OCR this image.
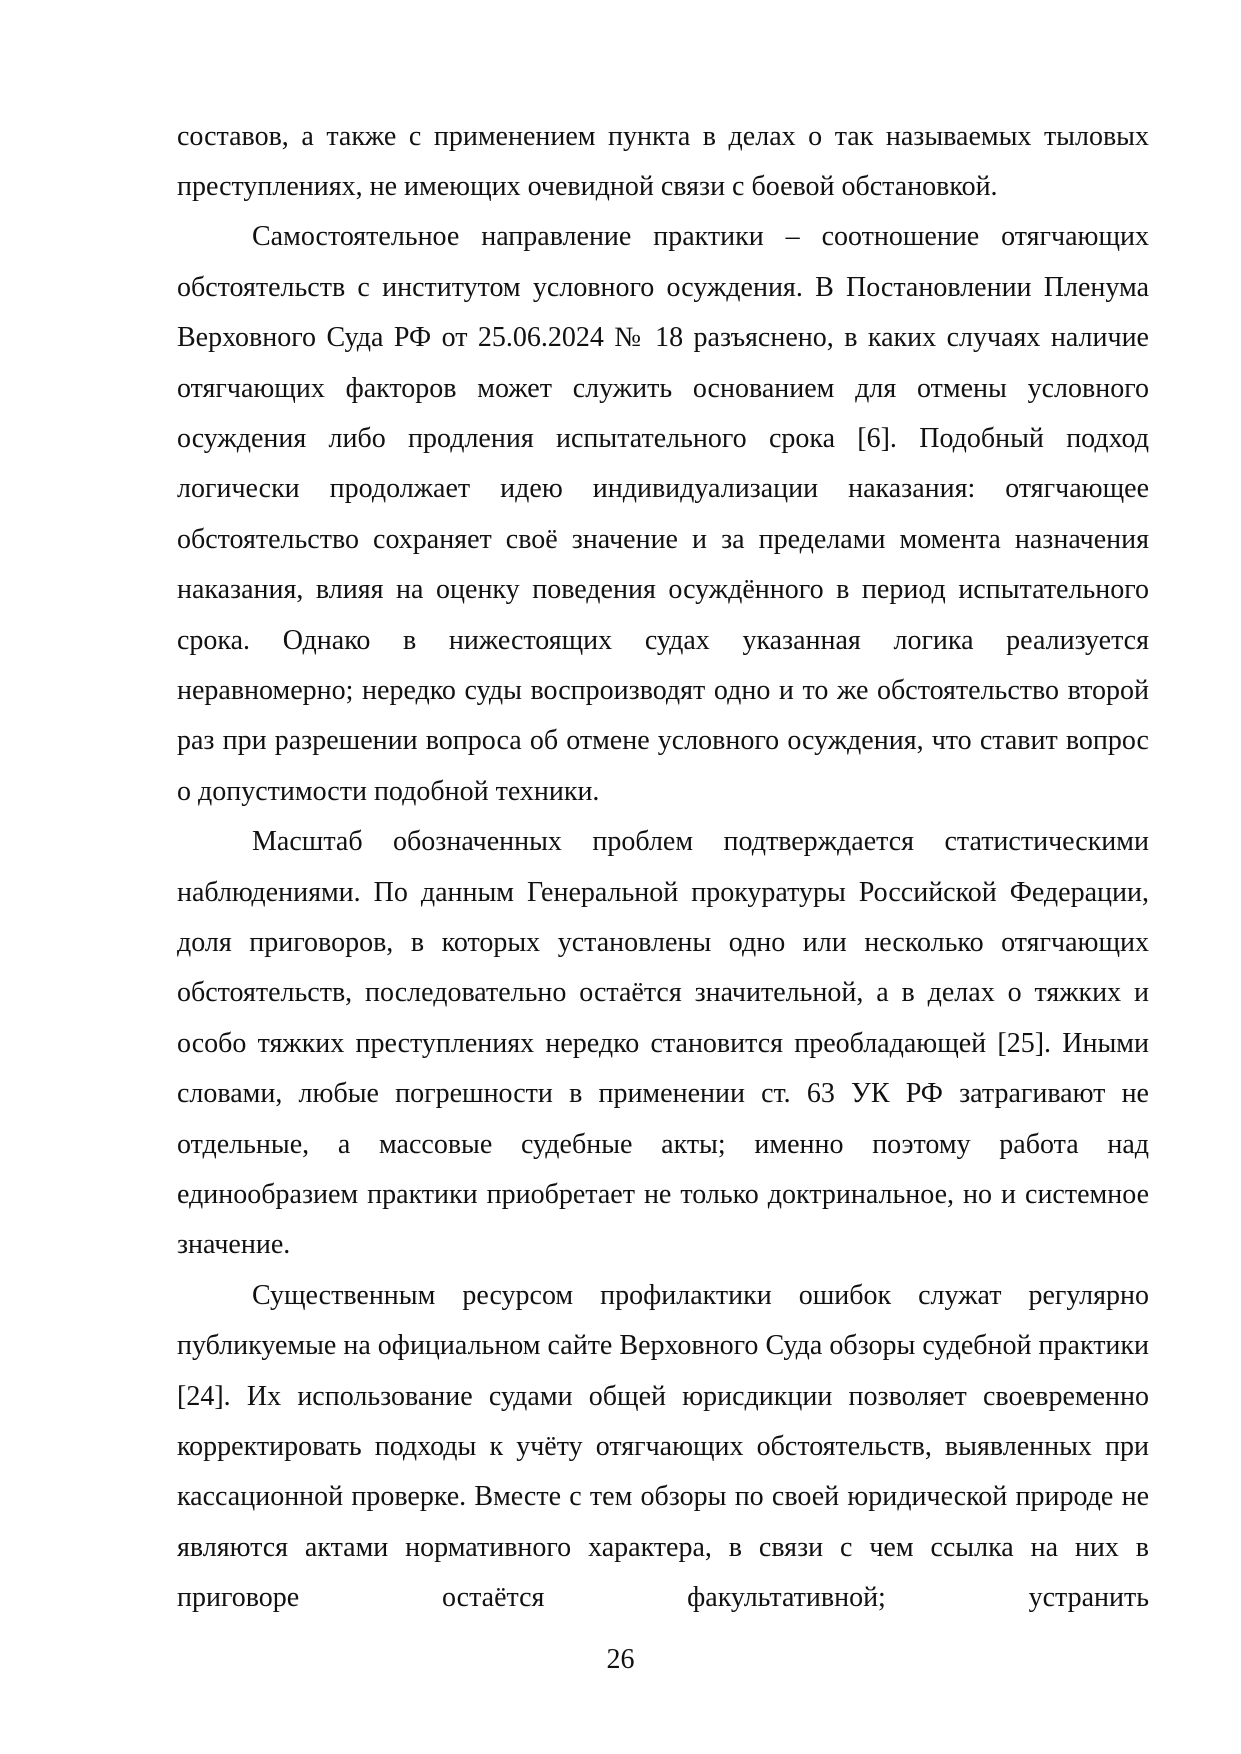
составов, а также с применением пункта в делах о так называемых тыловых преступлениях, не имеющих очевидной связи с боевой обстановкой.

Самостоятельное направление практики – соотношение отягчающих обстоятельств с институтом условного осуждения. В Постановлении Пленума Верховного Суда РФ от 25.06.2024 № 18 разъяснено, в каких случаях наличие отягчающих факторов может служить основанием для отмены условного осуждения либо продления испытательного срока [6]. Подобный подход логически продолжает идею индивидуализации наказания: отягчающее обстоятельство сохраняет своё значение и за пределами момента назначения наказания, влияя на оценку поведения осуждённого в период испытательного срока. Однако в нижестоящих судах указанная логика реализуется неравномерно; нередко суды воспроизводят одно и то же обстоятельство второй раз при разрешении вопроса об отмене условного осуждения, что ставит вопрос о допустимости подобной техники.

Масштаб обозначенных проблем подтверждается статистическими наблюдениями. По данным Генеральной прокуратуры Российской Федерации, доля приговоров, в которых установлены одно или несколько отягчающих обстоятельств, последовательно остаётся значительной, а в делах о тяжких и особо тяжких преступлениях нередко становится преобладающей [25]. Иными словами, любые погрешности в применении ст. 63 УК РФ затрагивают не отдельные, а массовые судебные акты; именно поэтому работа над единообразием практики приобретает не только доктринальное, но и системное значение.

Существенным ресурсом профилактики ошибок служат регулярно публикуемые на официальном сайте Верховного Суда обзоры судебной практики [24]. Их использование судами общей юрисдикции позволяет своевременно корректировать подходы к учёту отягчающих обстоятельств, выявленных при кассационной проверке. Вместе с тем обзоры по своей юридической природе не являются актами нормативного характера, в связи с чем ссылка на них в приговоре остаётся факультативной; устранить

26
